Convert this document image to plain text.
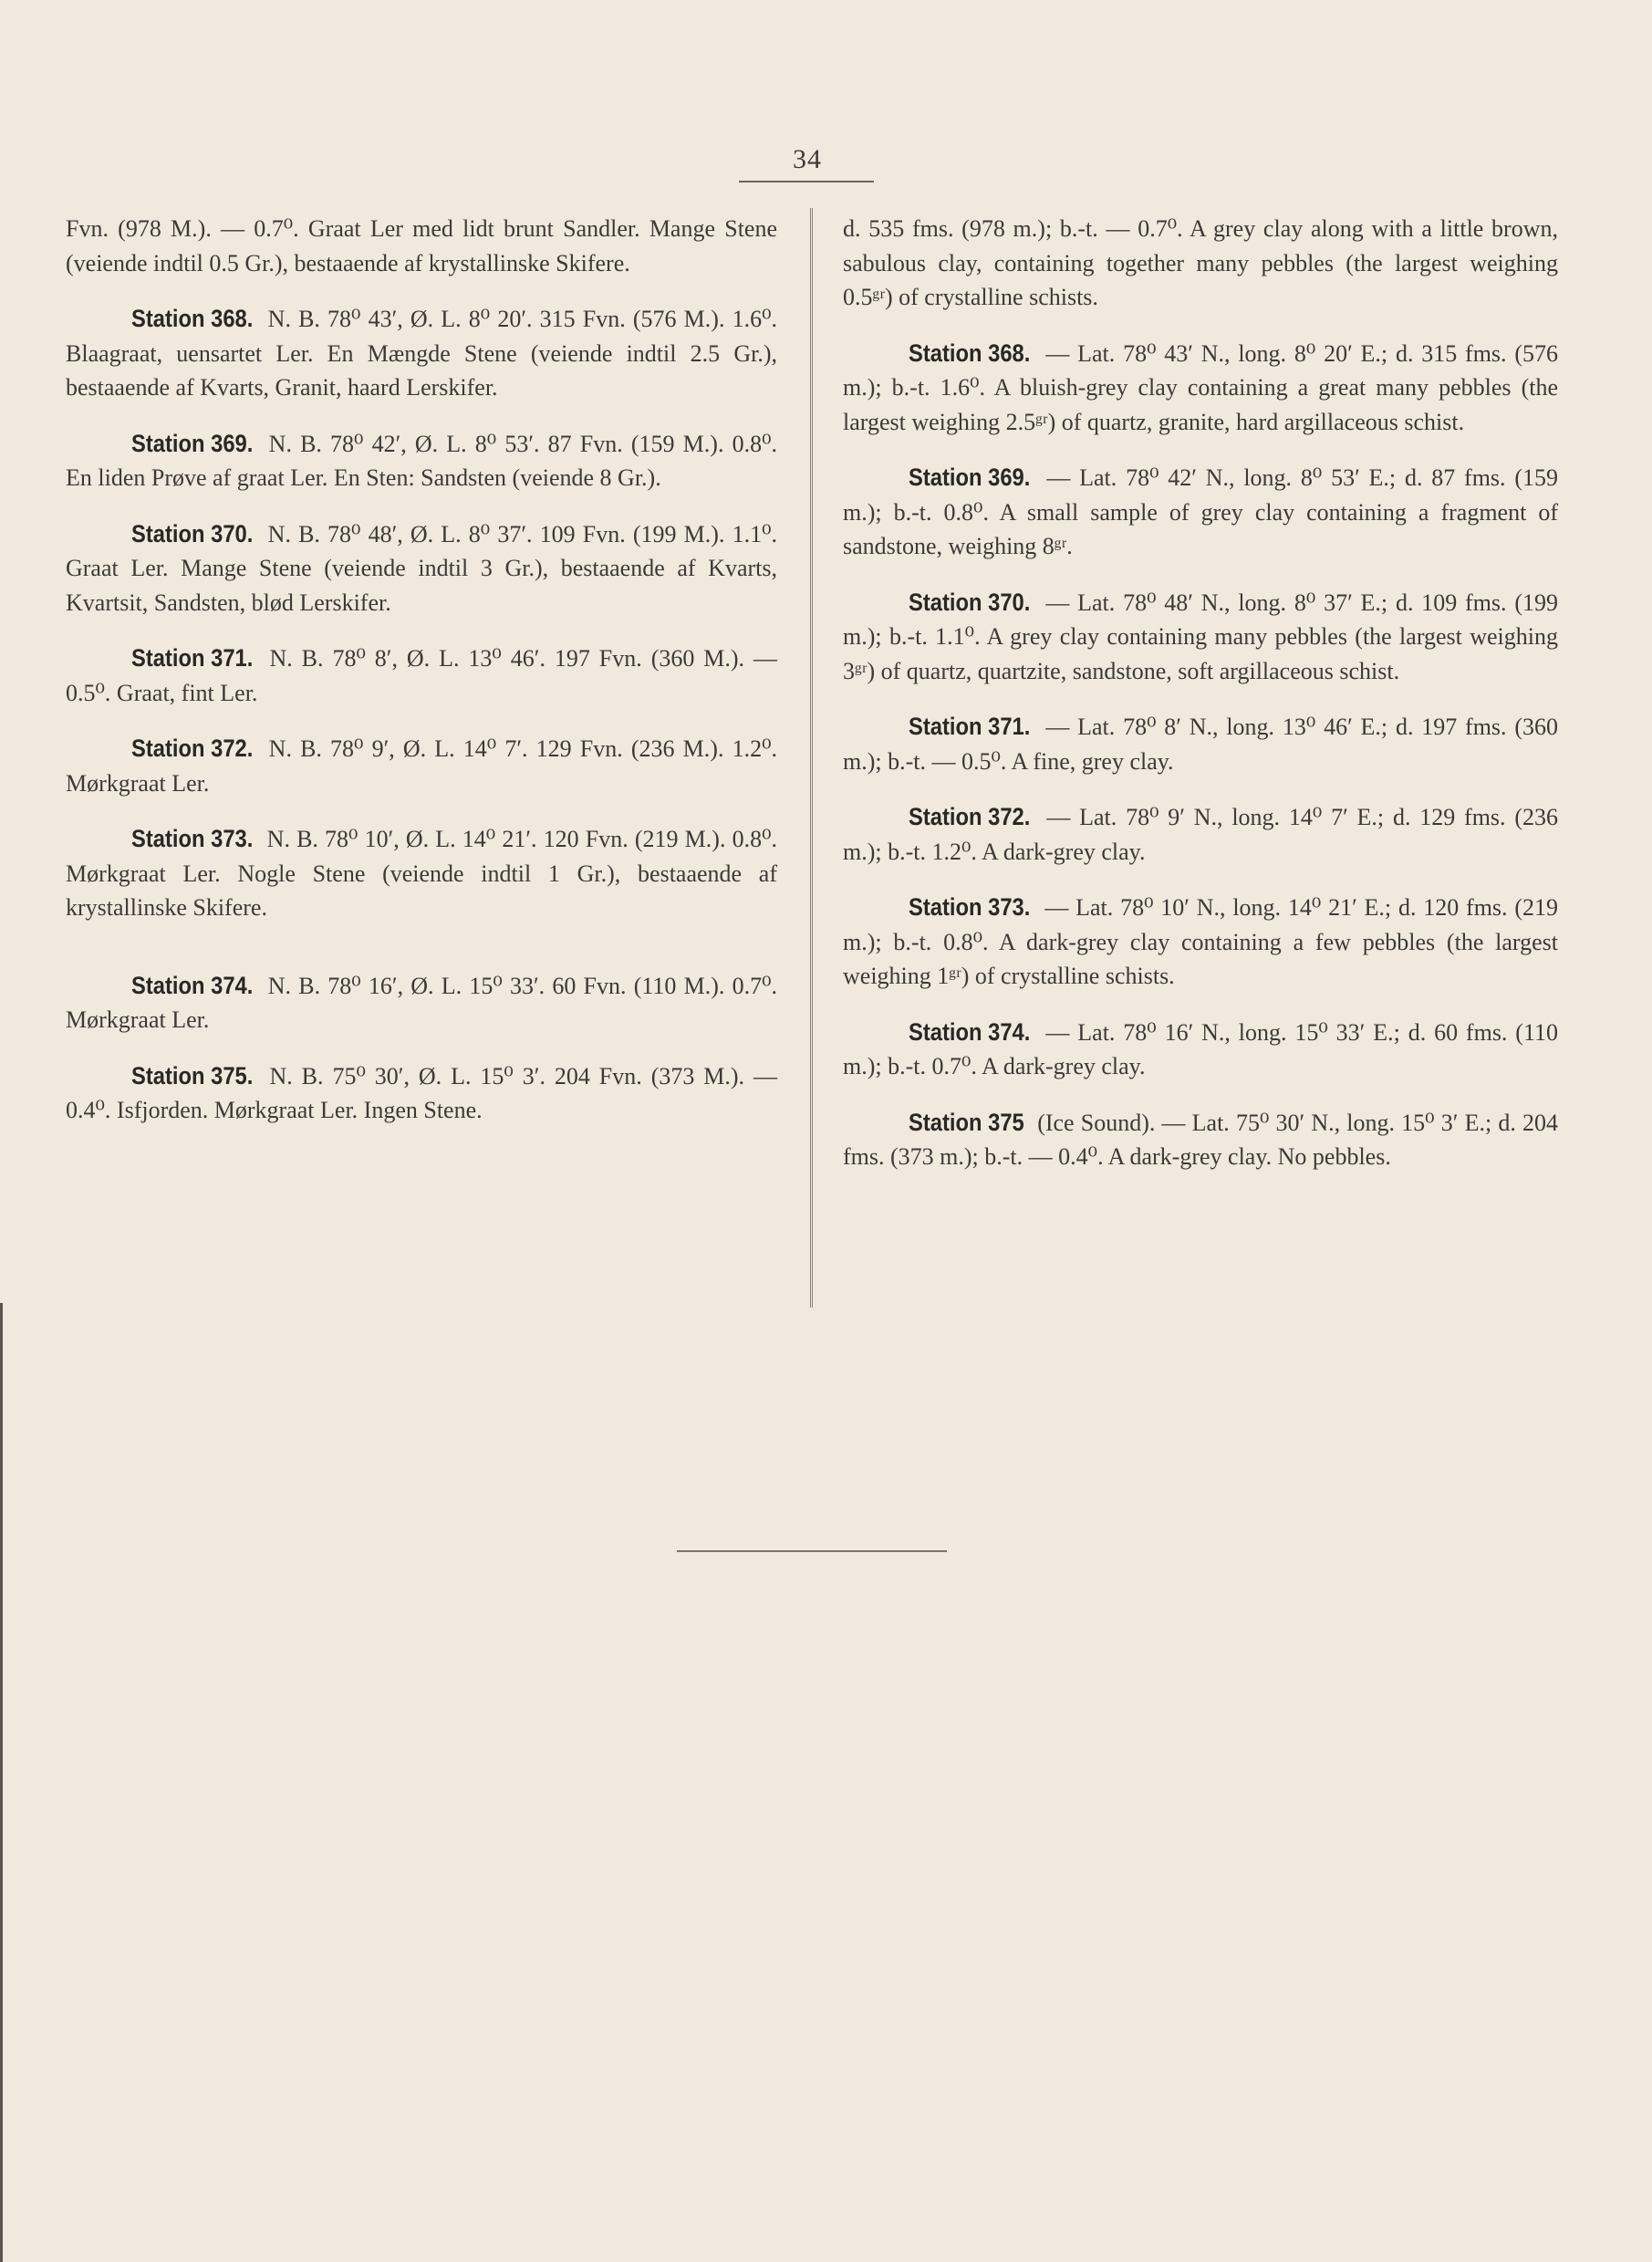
34

Fvn. (978 M.). — 0.7⁰. Graat Ler med lidt brunt Sandler. Mange Stene (veiende indtil 0.5 Gr.), bestaaende af krystallinske Skifere.

Station 368. N. B. 78⁰ 43′, Ø. L. 8⁰ 20′. 315 Fvn. (576 M.). 1.6⁰. Blaagraat, uensartet Ler. En Mængde Stene (veiende indtil 2.5 Gr.), bestaaende af Kvarts, Granit, haard Lerskifer.

Station 369. N. B. 78⁰ 42′, Ø. L. 8⁰ 53′. 87 Fvn. (159 M.). 0.8⁰. En liden Prøve af graat Ler. En Sten: Sandsten (veiende 8 Gr.).

Station 370. N. B. 78⁰ 48′, Ø. L. 8⁰ 37′. 109 Fvn. (199 M.). 1.1⁰. Graat Ler. Mange Stene (veiende indtil 3 Gr.), bestaaende af Kvarts, Kvartsit, Sandsten, blød Lerskifer.

Station 371. N. B. 78⁰ 8′, Ø. L. 13⁰ 46′. 197 Fvn. (360 M.). — 0.5⁰. Graat, fint Ler.

Station 372. N. B. 78⁰ 9′, Ø. L. 14⁰ 7′. 129 Fvn. (236 M.). 1.2⁰. Mørkgraat Ler.

Station 373. N. B. 78⁰ 10′, Ø. L. 14⁰ 21′. 120 Fvn. (219 M.). 0.8⁰. Mørkgraat Ler. Nogle Stene (veiende indtil 1 Gr.), bestaaende af krystallinske Skifere.

Station 374. N. B. 78⁰ 16′, Ø. L. 15⁰ 33′. 60 Fvn. (110 M.). 0.7⁰. Mørkgraat Ler.

Station 375. N. B. 75⁰ 30′, Ø. L. 15⁰ 3′. 204 Fvn. (373 M.). — 0.4⁰. Isfjorden. Mørkgraat Ler. Ingen Stene.

d. 535 fms. (978 m.); b.-t. — 0.7⁰. A grey clay along with a little brown, sabulous clay, containing together many pebbles (the largest weighing 0.5ᵍʳ) of crystalline schists.

Station 368. — Lat. 78⁰ 43′ N., long. 8⁰ 20′ E.; d. 315 fms. (576 m.); b.-t. 1.6⁰. A bluish-grey clay containing a great many pebbles (the largest weighing 2.5ᵍʳ) of quartz, granite, hard argillaceous schist.

Station 369. — Lat. 78⁰ 42′ N., long. 8⁰ 53′ E.; d. 87 fms. (159 m.); b.-t. 0.8⁰. A small sample of grey clay containing a fragment of sandstone, weighing 8ᵍʳ.

Station 370. — Lat. 78⁰ 48′ N., long. 8⁰ 37′ E.; d. 109 fms. (199 m.); b.-t. 1.1⁰. A grey clay containing many pebbles (the largest weighing 3ᵍʳ) of quartz, quartzite, sandstone, soft argillaceous schist.

Station 371. — Lat. 78⁰ 8′ N., long. 13⁰ 46′ E.; d. 197 fms. (360 m.); b.-t. — 0.5⁰. A fine, grey clay.

Station 372. — Lat. 78⁰ 9′ N., long. 14⁰ 7′ E.; d. 129 fms. (236 m.); b.-t. 1.2⁰. A dark-grey clay.

Station 373. — Lat. 78⁰ 10′ N., long. 14⁰ 21′ E.; d. 120 fms. (219 m.); b.-t. 0.8⁰. A dark-grey clay containing a few pebbles (the largest weighing 1ᵍʳ) of crystalline schists.

Station 374. — Lat. 78⁰ 16′ N., long. 15⁰ 33′ E.; d. 60 fms. (110 m.); b.-t. 0.7⁰. A dark-grey clay.

Station 375 (Ice Sound). — Lat. 75⁰ 30′ N., long. 15⁰ 3′ E.; d. 204 fms. (373 m.); b.-t. — 0.4⁰. A dark-grey clay. No pebbles.
